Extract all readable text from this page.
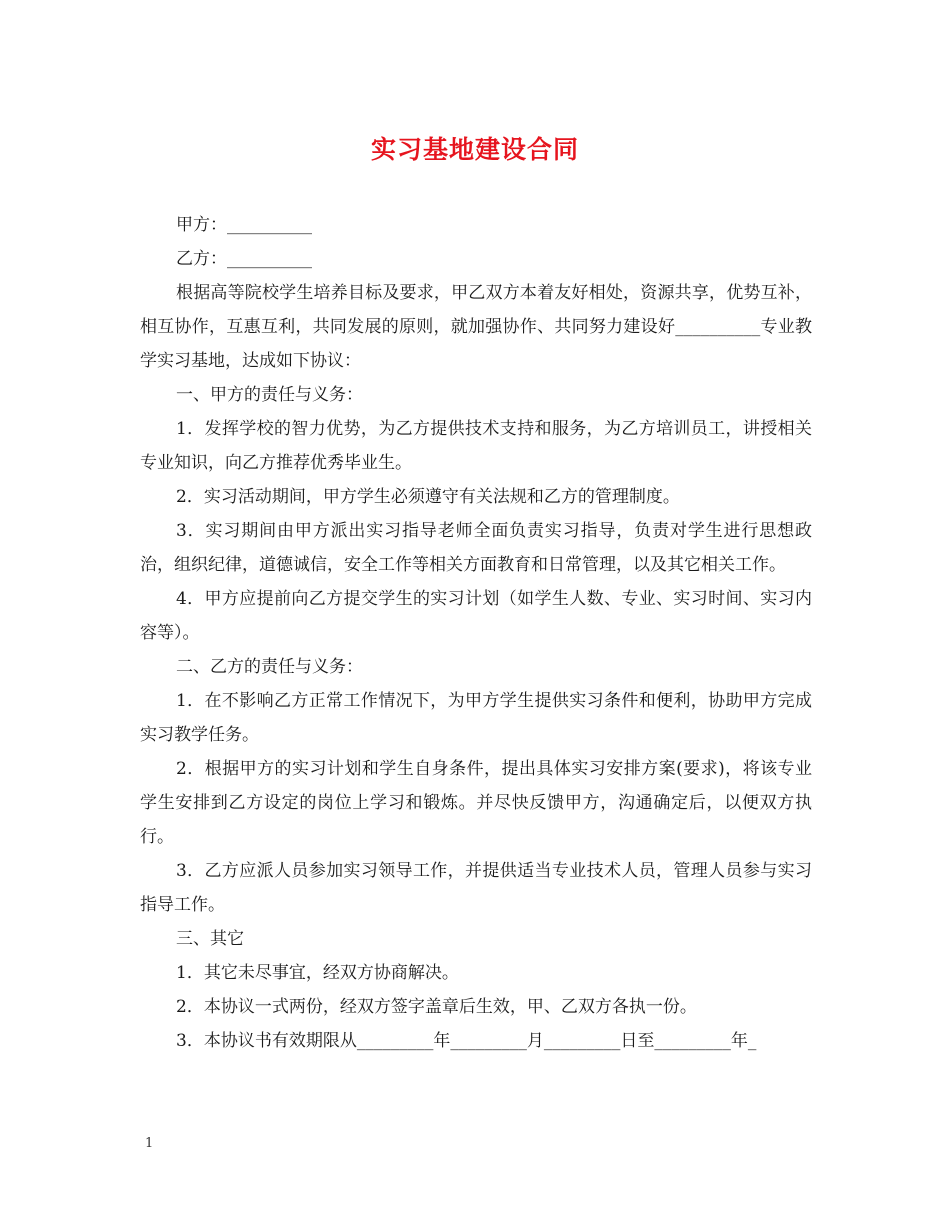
实习基地建设合同

甲方：__________

乙方：__________

根据高等院校学生培养目标及要求，甲乙双方本着友好相处，资源共享，优势互补，相互协作，互惠互利，共同发展的原则，就加强协作、共同努力建设好__________专业教学实习基地，达成如下协议：

一、甲方的责任与义务：

1．发挥学校的智力优势，为乙方提供技术支持和服务，为乙方培训员工，讲授相关专业知识，向乙方推荐优秀毕业生。

2．实习活动期间，甲方学生必须遵守有关法规和乙方的管理制度。

3．实习期间由甲方派出实习指导老师全面负责实习指导，负责对学生进行思想政治，组织纪律，道德诚信，安全工作等相关方面教育和日常管理，以及其它相关工作。

4．甲方应提前向乙方提交学生的实习计划（如学生人数、专业、实习时间、实习内容等）。

二、乙方的责任与义务：

1．在不影响乙方正常工作情况下，为甲方学生提供实习条件和便利，协助甲方完成实习教学任务。

2．根据甲方的实习计划和学生自身条件，提出具体实习安排方案(要求)，将该专业学生安排到乙方设定的岗位上学习和锻炼。并尽快反馈甲方，沟通确定后，以便双方执行。

3．乙方应派人员参加实习领导工作，并提供适当专业技术人员，管理人员参与实习指导工作。

三、其它

1．其它未尽事宜，经双方协商解决。

2．本协议一式两份，经双方签字盖章后生效，甲、乙双方各执一份。

3．本协议书有效期限从_________年_________月_________日至_________年_

1
